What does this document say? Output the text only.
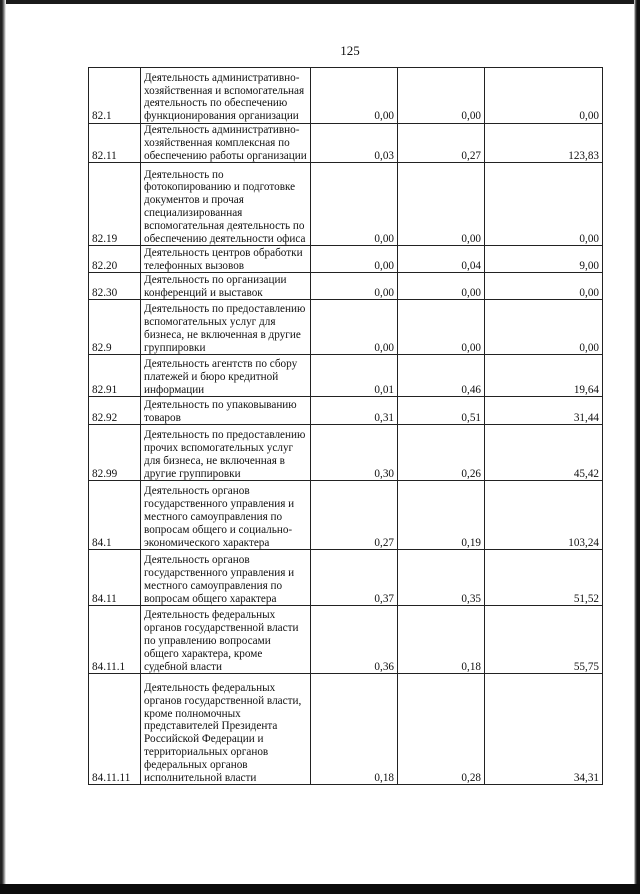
125
82.1	Деятельность административно-хозяйственная и вспомогательная деятельность по обеспечению функционирования организации	0,00	0,00	0,00
82.11	Деятельность административно-хозяйственная комплексная по обеспечению работы организации	0,03	0,27	123,83
82.19	Деятельность по фотокопированию и подготовке документов и прочая специализированная вспомогательная деятельность по обеспечению деятельности офиса	0,00	0,00	0,00
82.20	Деятельность центров обработки телефонных вызовов	0,00	0,04	9,00
82.30	Деятельность по организации конференций и выставок	0,00	0,00	0,00
82.9	Деятельность по предоставлению вспомогательных услуг для бизнеса, не включенная в другие группировки	0,00	0,00	0,00
82.91	Деятельность агентств по сбору платежей и бюро кредитной информации	0,01	0,46	19,64
82.92	Деятельность по упаковыванию товаров	0,31	0,51	31,44
82.99	Деятельность по предоставлению прочих вспомогательных услуг для бизнеса, не включенная в другие группировки	0,30	0,26	45,42
84.1	Деятельность органов государственного управления и местного самоуправления по вопросам общего и социально-экономического характера	0,27	0,19	103,24
84.11	Деятельность органов государственного управления и местного самоуправления по вопросам общего характера	0,37	0,35	51,52
84.11.1	Деятельность федеральных органов государственной власти по управлению вопросами общего характера, кроме судебной власти	0,36	0,18	55,75
84.11.11	Деятельность федеральных органов государственной власти, кроме полномочных представителей Президента Российской Федерации и территориальных органов федеральных органов исполнительной власти	0,18	0,28	34,31
